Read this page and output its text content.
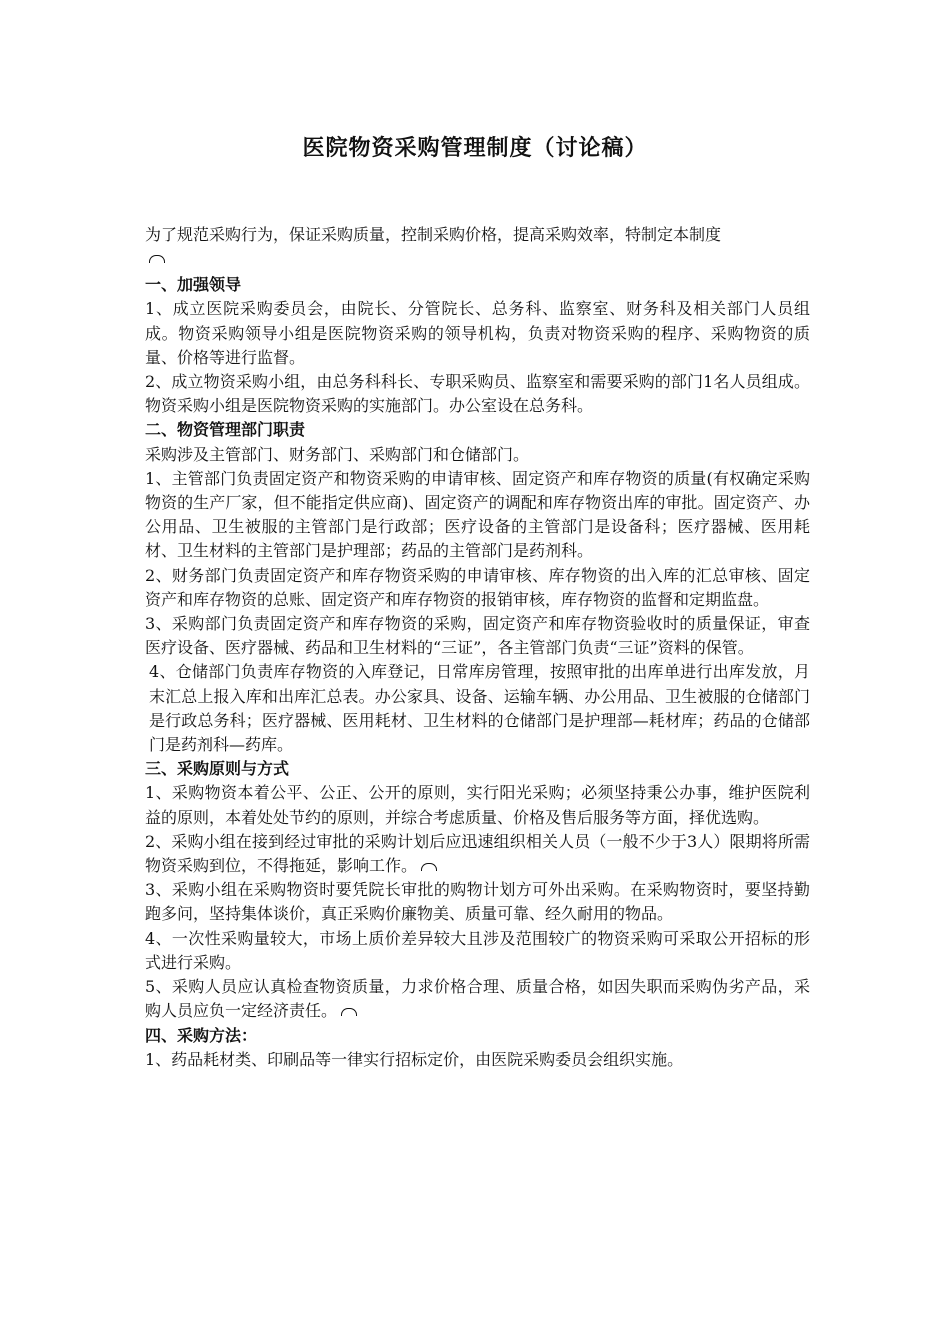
医院物资采购管理制度（讨论稿）

为了规范采购行为，保证采购质量，控制采购价格，提高采购效率，特制定本制度

一、加强领导

1、成立医院采购委员会，由院长、分管院长、总务科、监察室、财务科及相关部门人员组成。物资采购领导小组是医院物资采购的领导机构，负责对物资采购的程序、采购物资的质量、价格等进行监督。

2、成立物资采购小组，由总务科科长、专职采购员、监察室和需要采购的部门1名人员组成。物资采购小组是医院物资采购的实施部门。办公室设在总务科。

二、物资管理部门职责

采购涉及主管部门、财务部门、采购部门和仓储部门。

1、主管部门负责固定资产和物资采购的申请审核、固定资产和库存物资的质量(有权确定采购物资的生产厂家，但不能指定供应商)、固定资产的调配和库存物资出库的审批。固定资产、办公用品、卫生被服的主管部门是行政部；医疗设备的主管部门是设备科；医疗器械、医用耗材、卫生材料的主管部门是护理部；药品的主管部门是药剂科。

2、财务部门负责固定资产和库存物资采购的申请审核、库存物资的出入库的汇总审核、固定资产和库存物资的总账、固定资产和库存物资的报销审核，库存物资的监督和定期监盘。

3、采购部门负责固定资产和库存物资的采购，固定资产和库存物资验收时的质量保证，审查医疗设备、医疗器械、药品和卫生材料的“三证”，各主管部门负责“三证”资料的保管。

4、仓储部门负责库存物资的入库登记，日常库房管理，按照审批的出库单进行出库发放，月末汇总上报入库和出库汇总表。办公家具、设备、运输车辆、办公用品、卫生被服的仓储部门是行政总务科；医疗器械、医用耗材、卫生材料的仓储部门是护理部—耗材库；药品的仓储部门是药剂科—药库。

三、采购原则与方式

1、采购物资本着公平、公正、公开的原则，实行阳光采购；必须坚持秉公办事，维护医院利益的原则，本着处处节约的原则，并综合考虑质量、价格及售后服务等方面，择优选购。

2、采购小组在接到经过审批的采购计划后应迅速组织相关人员（一般不少于3人）限期将所需物资采购到位，不得拖延，影响工作。

3、采购小组在采购物资时要凭院长审批的购物计划方可外出采购。在采购物资时，要坚持勤跑多问，坚持集体谈价，真正采购价廉物美、质量可靠、经久耐用的物品。

4、一次性采购量较大，市场上质价差异较大且涉及范围较广的物资采购可采取公开招标的形式进行采购。

5、采购人员应认真检查物资质量，力求价格合理、质量合格，如因失职而采购伪劣产品，采购人员应负一定经济责任。

四、采购方法：

1、药品耗材类、印刷品等一律实行招标定价，由医院采购委员会组织实施。
